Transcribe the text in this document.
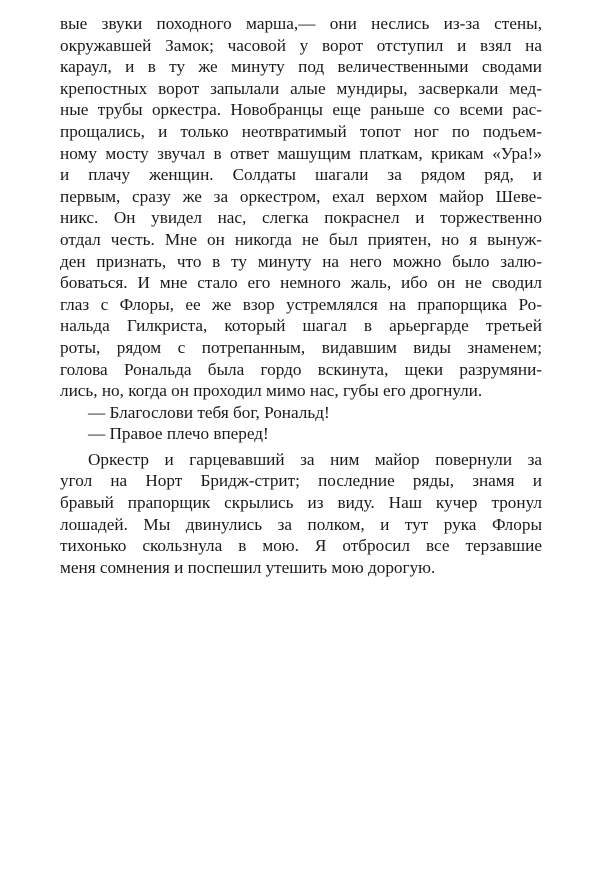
вые звуки походного марша,— они неслись из-за стены,
окружавшей Замок; часовой у ворот отступил и взял на
караул, и в ту же минуту под величественными сводами
крепостных ворот запылали алые мундиры, засверкали мед-
ные трубы оркестра. Новобранцы еще раньше со всеми рас-
прощались, и только неотвратимый топот ног по подъем-
ному мосту звучал в ответ машущим платкам, крикам «Ура!»
и плачу женщин. Солдаты шагали за рядом ряд, и
первым, сразу же за оркестром, ехал верхом майор Шеве-
никс. Он увидел нас, слегка покраснел и торжественно
отдал честь. Мне он никогда не был приятен, но я вынуж-
ден признать, что в ту минуту на него можно было залю-
боваться. И мне стало его немного жаль, ибо он не сводил
глаз с Флоры, ее же взор устремлялся на прапорщика Ро-
нальда Гилкриста, который шагал в арьергарде третьей
роты, рядом с потрепанным, видавшим виды знаменем;
голова Рональда была гордо вскинута, щеки разрумяни-
лись, но, когда он проходил мимо нас, губы его дрогнули.
— Благослови тебя бог, Рональд!
— Правое плечо вперед!
Оркестр и гарцевавший за ним майор повернули за
угол на Норт Бридж-стрит; последние ряды, знамя и
бравый прапорщик скрылись из виду. Наш кучер тронул
лошадей. Мы двинулись за полком, и тут рука Флоры
тихонько скользнула в мою. Я отбросил все терзавшие
меня сомнения и поспешил утешить мою дорогую.
